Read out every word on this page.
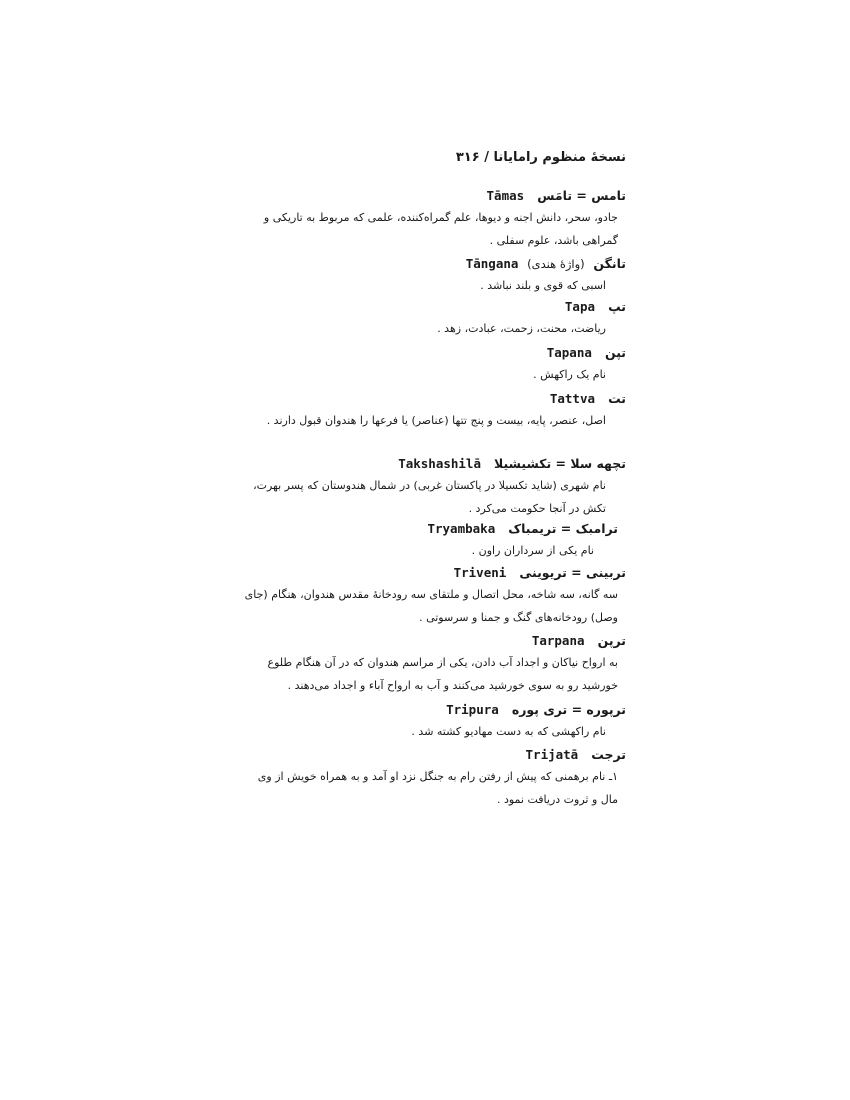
نسخهٔ منظوم رامایانا / ۳۱۶
تامس = تامَس   Tāmas
جادو، سحر، دانش اجنه و دیوها، علم گمراه‌کننده، علمی که مربوط به تاریکی و گمراهی باشد، علوم سفلی .
تانگن  (واژهٔ هندی)  Tāngana
اسبی که قوی و بلند نباشد .
تپ   Tapa
ریاضت، محنت، زحمت، عبادت، زهد .
تپن   Tapana
نام یک راکهش .
تت   Tattva
اصل، عنصر، پایه، بیست و پنج تتها (عناصر) یا فرعها را هندوان قبول دارند .
تچهه سلا = تکشیشیلا   Takshashilā
نام شهری (شاید تکسیلا در پاکستان غربی) در شمال هندوستان که پسر بهرت، تکش در آنجا حکومت می‌کرد .
ترامبک = تریمباک   Tryambaka
نام یکی از سرداران راون .
تربینی = تریوینی   Triveni
سه گانه، سه شاخه، محل اتصال و ملتقای سه رودخانهٔ مقدس هندوان، هنگام (جای وصل) رودخانه‌های گنگ و جمنا و سرسوتی .
ترپن   Tarpana
به ارواح نیاکان و اجداد آب دادن، یکی از مراسم هندوان که در آن هنگام طلوع خورشید رو به سوی خورشید می‌کنند و آب به ارواح آباء و اجداد می‌دهند .
ترپوره = تری پوره   Tripura
نام راکهشی که به دست مهادیو کشته شد .
ترجت   Trijatā
۱ـ نام برهمنی که پیش از رفتن رام به جنگل نزد او آمد و به همراه خویش از وی مال و ثروت دریافت نمود .
